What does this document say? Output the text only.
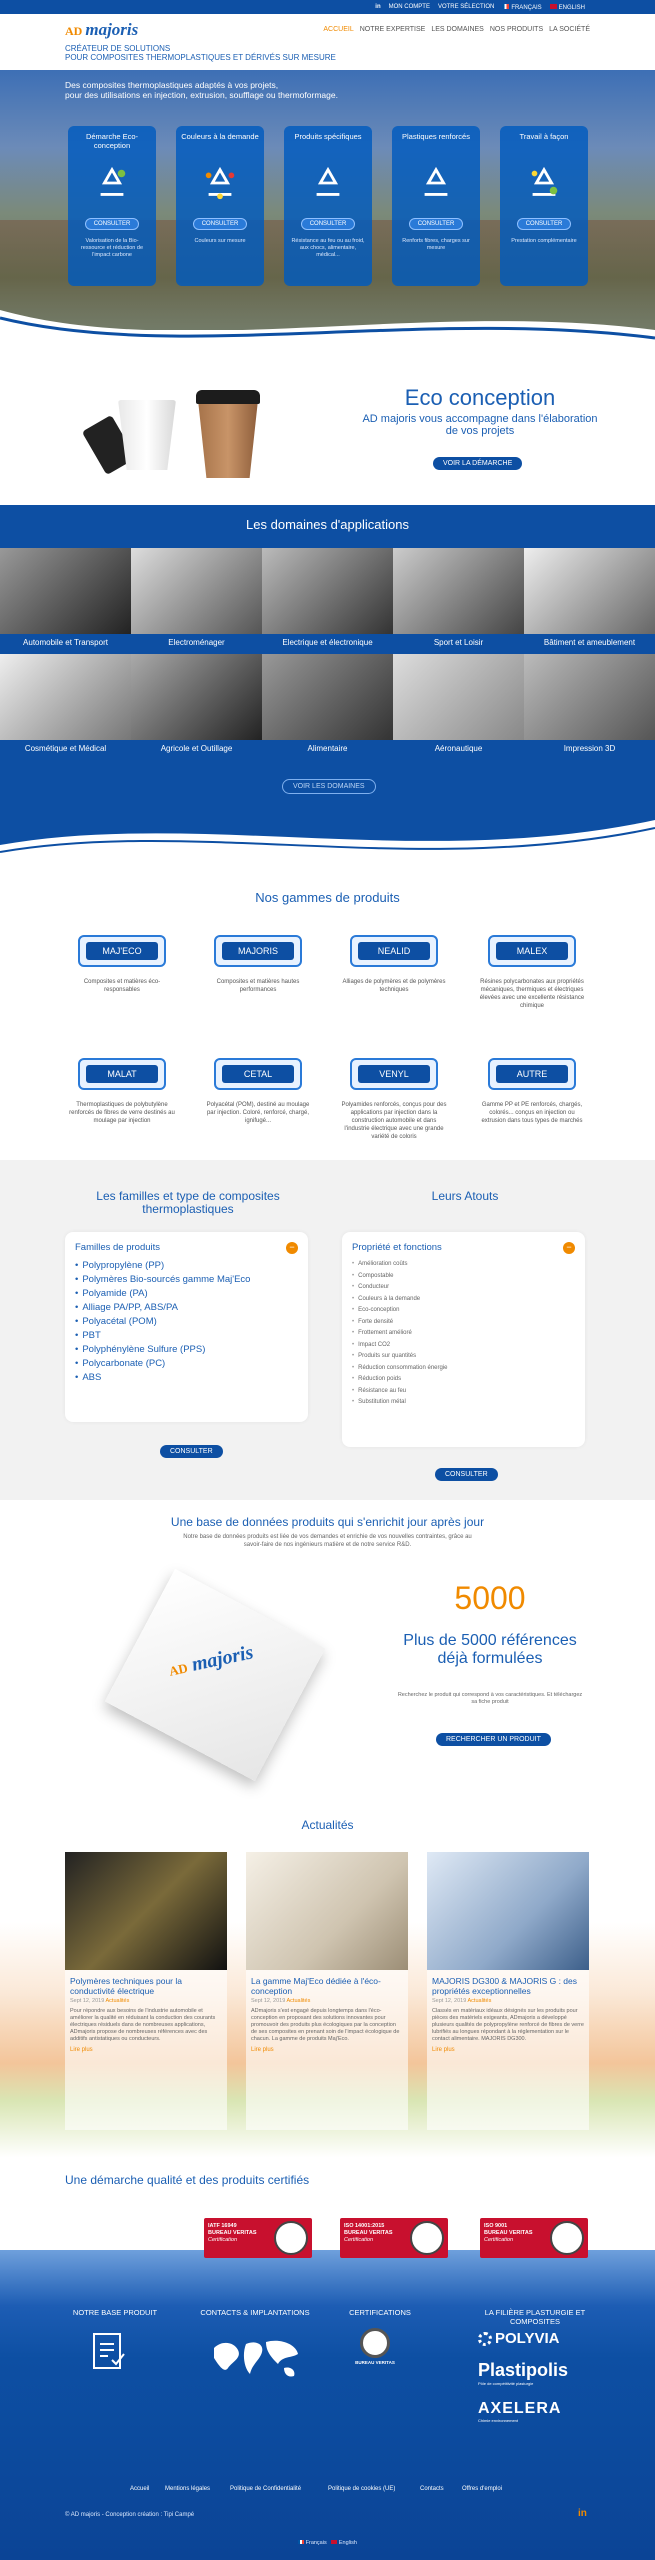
in MON COMPTE VOTRE SÉLECTION	FRANÇAIS	ENGLISH
AD majoris
CRÉATEUR DE SOLUTIONS
POUR COMPOSITES THERMOPLASTIQUES ET DÉRIVÉS SUR MESURE
ACCUEIL NOTRE EXPERTISE LES DOMAINES NOS PRODUITS LA SOCIÉTÉ
Des composites thermoplastiques adaptés à vos projets,
pour des utilisations en injection, extrusion, soufflage ou thermoformage.
Démarche Eco-conception
CONSULTER
Valorisation de la Bio-ressource et réduction de l'impact carbone
Couleurs à la demande
CONSULTER
Couleurs sur mesure
Produits spécifiques
CONSULTER
Résistance au feu ou au froid, aux chocs, alimentaire, médical...
Plastiques renforcés
CONSULTER
Renforts fibres, charges sur mesure
Travail à façon
CONSULTER
Prestation complémentaire
Eco conception
AD majoris vous accompagne dans l'élaboration de vos projets
VOIR LA DÉMARCHE
Les domaines d'applications
Automobile et Transport	Electroménager	Electrique et électronique	Sport et Loisir	Bâtiment et ameublement
Cosmétique et Médical	Agricole et Outillage	Alimentaire	Aéronautique	Impression 3D
VOIR LES DOMAINES
Nos gammes de produits
MAJ'ECO
Composites et matières éco-responsables
MAJORIS
Composites et matières hautes performances
NEALID
Alliages de polymères et de polymères techniques
MALEX
Résines polycarbonates aux propriétés mécaniques, thermiques et électriques élevées avec une excellente résistance chimique
MALAT
Thermoplastiques de polybutylène renforcés de fibres de verre destinés au moulage par injection
CETAL
Polyacétal (POM), destiné au moulage par injection. Coloré, renforcé, chargé, ignifugé...
VENYL
Polyamides renforcés, conçus pour des applications par injection dans la construction automobile et dans l'industrie électrique avec une grande variété de coloris
AUTRE
Gamme PP et PE renforcés, chargés, colorés... conçus en injection ou extrusion dans tous types de marchés
Les familles et type de composites thermoplastiques
Leurs Atouts
Familles de produits	−
• Polypropylène (PP)
• Polymères Bio-sourcés gamme Maj'Eco
• Polyamide (PA)
• Alliage PA/PP, ABS/PA
• Polyacétal (POM)
• PBT
• Polyphénylène Sulfure (PPS)
• Polycarbonate (PC)
• ABS
Propriété et fonctions	−
• Amélioration coûts
• Compostable
• Conducteur
• Couleurs à la demande
• Eco-conception
• Forte densité
• Frottement amélioré
• Impact CO2
• Produits sur quantités
• Réduction consommation énergie
• Réduction poids
• Résistance au feu
• Substitution métal
CONSULTER
CONSULTER
Une base de données produits qui s'enrichit jour après jour
Notre base de données produits est liée de vos demandes et enrichie de vos nouvelles contraintes, grâce au savoir-faire de nos ingénieurs matière et de notre service R&D.
AD majoris
5000
Plus de 5000 références déjà formulées
Recherchez le produit qui correspond à vos caractéristiques. Et téléchargez sa fiche produit
RECHERCHER UN PRODUIT
Actualités
Polymères techniques pour la conductivité électrique
Sept 12, 2019 Actualités

Pour répondre aux besoins de l'industrie automobile et améliorer la qualité en réduisant la conduction des courants électriques résiduels dans de nombreuses applications, ADmajoris propose de nombreuses références avec des additifs antistatiques ou conducteurs.

Lire plus
La gamme Maj'Eco dédiée à l'éco-conception
Sept 12, 2019 Actualités

ADmajoris s'est engagé depuis longtemps dans l'éco-conception en proposant des solutions innovantes pour promouvoir des produits plus écologiques par la conception de ses composites en prenant soin de l'impact écologique de chacun. La gamme de produits Maj'Eco.

Lire plus
MAJORIS DG300 & MAJORIS G : des propriétés exceptionnelles
Sept 12, 2019 Actualités

Classés en matériaux idéaux désignés sur les produits pour pièces des matériels exigeants, ADmajoris a développé plusieurs qualités de polypropylène renforcé de fibres de verre lubrifiés au longues répondant à la réglementation sur le contact alimentaire. MAJORIS DG300.

Lire plus
Une démarche qualité et des produits certifiés
IATF 16949
BUREAU VERITAS
Certification
ISO 14001:2015
BUREAU VERITAS
Certification
ISO 9001
BUREAU VERITAS
Certification
NOTRE BASE PRODUIT	CONTACTS & IMPLANTATIONS	CERTIFICATIONS	LA FILIÈRE PLASTURGIE ET COMPOSITES
BUREAU VERITAS
POLYVIA
Plastipolis
Pôle de compétitivité plasturgie
AXELERA
Chimie environnement
Accueil	Mentions légales	Politique de Confidentialité	Politique de cookies (UE)	Contacts	Offres d'emploi
© AD majoris - Conception création : Tipi Campé	in
Français English
